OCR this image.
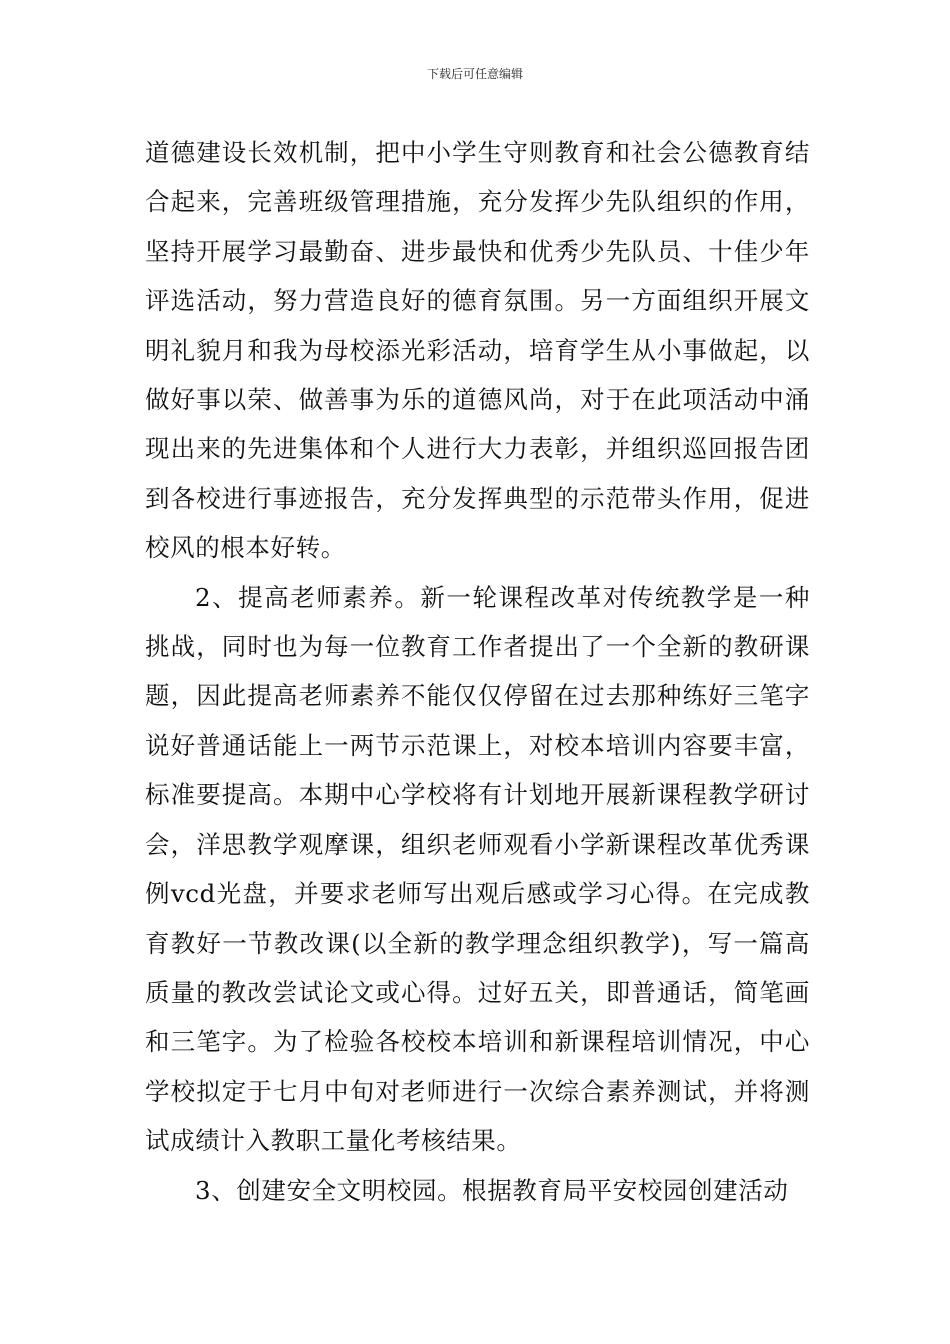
下载后可任意编辑

道德建设长效机制，把中小学生守则教育和社会公德教育结合起来，完善班级管理措施，充分发挥少先队组织的作用，坚持开展学习最勤奋、进步最快和优秀少先队员、十佳少年评选活动，努力营造良好的德育氛围。另一方面组织开展文明礼貌月和我为母校添光彩活动，培育学生从小事做起，以做好事以荣、做善事为乐的道德风尚，对于在此项活动中涌现出来的先进集体和个人进行大力表彰，并组织巡回报告团到各校进行事迹报告，充分发挥典型的示范带头作用，促进校风的根本好转。

2、提高老师素养。新一轮课程改革对传统教学是一种挑战，同时也为每一位教育工作者提出了一个全新的教研课题，因此提高老师素养不能仅仅停留在过去那种练好三笔字说好普通话能上一两节示范课上，对校本培训内容要丰富，标准要提高。本期中心学校将有计划地开展新课程教学研讨会，洋思教学观摩课，组织老师观看小学新课程改革优秀课例vcd光盘，并要求老师写出观后感或学习心得。在完成教育教好一节教改课(以全新的教学理念组织教学)，写一篇高质量的教改尝试论文或心得。过好五关，即普通话，简笔画和三笔字。为了检验各校校本培训和新课程培训情况，中心学校拟定于七月中旬对老师进行一次综合素养测试，并将测试成绩计入教职工量化考核结果。

3、创建安全文明校园。根据教育局平安校园创建活动
